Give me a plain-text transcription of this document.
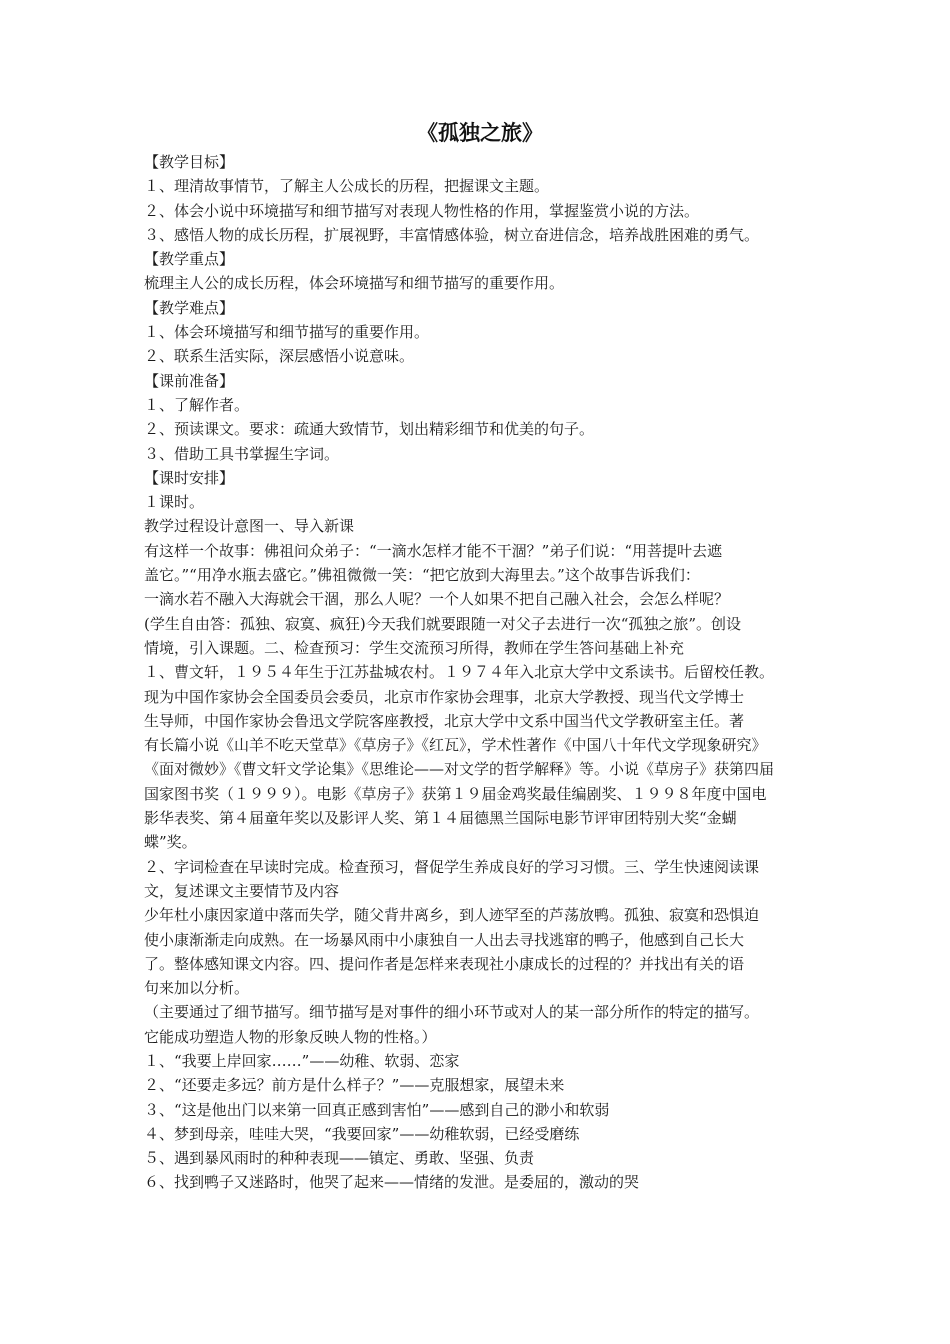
《孤独之旅》
【教学目标】
１、理清故事情节，了解主人公成长的历程，把握课文主题。
２、体会小说中环境描写和细节描写对表现人物性格的作用，掌握鉴赏小说的方法。
３、感悟人物的成长历程，扩展视野，丰富情感体验，树立奋进信念，培养战胜困难的勇气。
【教学重点】
梳理主人公的成长历程，体会环境描写和细节描写的重要作用。
【教学难点】
１、体会环境描写和细节描写的重要作用。
２、联系生活实际，深层感悟小说意味。
【课前准备】
１、了解作者。
２、预读课文。要求：疏通大致情节，划出精彩细节和优美的句子。
３、借助工具书掌握生字词。
【课时安排】
１课时。
教学过程设计意图一、导入新课
有这样一个故事：佛祖问众弟子：“一滴水怎样才能不干涸？”弟子们说：“用菩提叶去遮
盖它。”“用净水瓶去盛它。”佛祖微微一笑：“把它放到大海里去。”这个故事告诉我们：
一滴水若不融入大海就会干涸，那么人呢？一个人如果不把自己融入社会，会怎么样呢？
(学生自由答：孤独、寂寞、疯狂)今天我们就要跟随一对父子去进行一次“孤独之旅”。创设
情境，引入课题。二、检查预习：学生交流预习所得，教师在学生答问基础上补充
１、曹文轩，１９５４年生于江苏盐城农村。１９７４年入北京大学中文系读书。后留校任教。
现为中国作家协会全国委员会委员，北京市作家协会理事，北京大学教授、现当代文学博士
生导师，中国作家协会鲁迅文学院客座教授，北京大学中文系中国当代文学教研室主任。著
有长篇小说《山羊不吃天堂草》《草房子》《红瓦》，学术性著作《中国八十年代文学现象研究》
《面对微妙》《曹文轩文学论集》《思维论——对文学的哲学解释》等。小说《草房子》获第四届
国家图书奖（１９９９）。电影《草房子》获第１９届金鸡奖最佳编剧奖、１９９８年度中国电
影华表奖、第４届童年奖以及影评人奖、第１４届德黑兰国际电影节评审团特别大奖“金蝴
蝶”奖。
２、字词检查在早读时完成。检查预习，督促学生养成良好的学习习惯。三、学生快速阅读课
文，复述课文主要情节及内容
少年杜小康因家道中落而失学，随父背井离乡，到人迹罕至的芦荡放鸭。孤独、寂寞和恐惧迫
使小康渐渐走向成熟。在一场暴风雨中小康独自一人出去寻找逃窜的鸭子，他感到自己长大
了。整体感知课文内容。四、提问作者是怎样来表现社小康成长的过程的？并找出有关的语
句来加以分析。
（主要通过了细节描写。细节描写是对事件的细小环节或对人的某一部分所作的特定的描写。
它能成功塑造人物的形象反映人物的性格。）
１、“我要上岸回家……”——幼稚、软弱、恋家
２、“还要走多远？前方是什么样子？”——克服想家，展望未来
３、“这是他出门以来第一回真正感到害怕”——感到自己的渺小和软弱
４、梦到母亲，哇哇大哭，“我要回家”——幼稚软弱，已经受磨练
５、遇到暴风雨时的种种表现——镇定、勇敢、坚强、负责
６、找到鸭子又迷路时，他哭了起来——情绪的发泄。是委屈的，激动的哭
